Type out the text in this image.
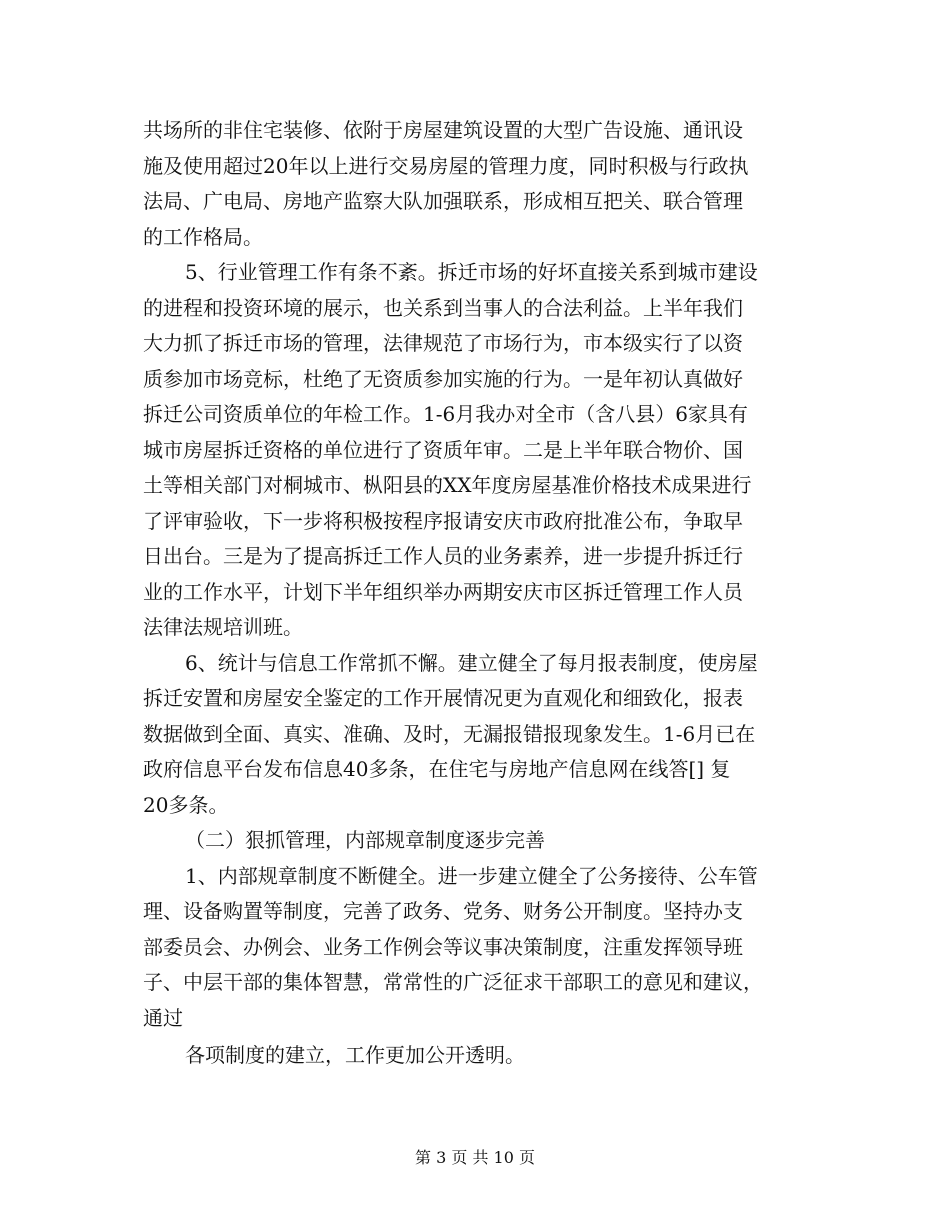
共场所的非住宅装修、依附于房屋建筑设置的大型广告设施、通讯设
施及使用超过20年以上进行交易房屋的管理力度，同时积极与行政执
法局、广电局、房地产监察大队加强联系，形成相互把关、联合管理
的工作格局。
5、行业管理工作有条不紊。拆迁市场的好坏直接关系到城市建设
的进程和投资环境的展示，也关系到当事人的合法利益。上半年我们
大力抓了拆迁市场的管理，法律规范了市场行为，市本级实行了以资
质参加市场竞标，杜绝了无资质参加实施的行为。一是年初认真做好
拆迁公司资质单位的年检工作。1-6月我办对全市（含八县）6家具有
城市房屋拆迁资格的单位进行了资质年审。二是上半年联合物价、国
土等相关部门对桐城市、枞阳县的XX年度房屋基准价格技术成果进行
了评审验收，下一步将积极按程序报请安庆市政府批准公布，争取早
日出台。三是为了提高拆迁工作人员的业务素养，进一步提升拆迁行
业的工作水平，计划下半年组织举办两期安庆市区拆迁管理工作人员
法律法规培训班。
6、统计与信息工作常抓不懈。建立健全了每月报表制度，使房屋
拆迁安置和房屋安全鉴定的工作开展情况更为直观化和细致化，报表
数据做到全面、真实、准确、及时，无漏报错报现象发生。1-6月已在
政府信息平台发布信息40多条，在住宅与房地产信息网在线答[] 复
20多条。
（二）狠抓管理，内部规章制度逐步完善
1、内部规章制度不断健全。进一步建立健全了公务接待、公车管
理、设备购置等制度，完善了政务、党务、财务公开制度。坚持办支
部委员会、办例会、业务工作例会等议事决策制度，注重发挥领导班
子、中层干部的集体智慧，常常性的广泛征求干部职工的意见和建议，
通过
各项制度的建立，工作更加公开透明。
第 3 页 共 10 页
